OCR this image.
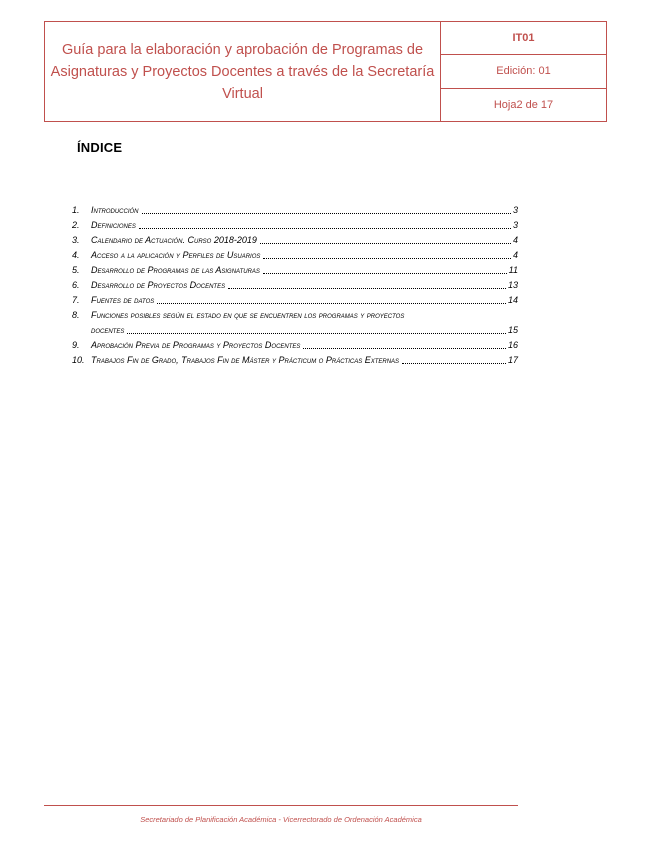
Guía para la elaboración y aprobación de Programas de Asignaturas y Proyectos Docentes a través de la Secretaría Virtual
IT01
Edición: 01
Hoja2 de 17
ÍNDICE
1.	Introducción	3
2.	Definiciones	3
3.	Calendario de Actuación. Curso 2018-2019	4
4.	Acceso a la aplicación y Perfiles de Usuarios	4
5.	Desarrollo de Programas de las Asignaturas	11
6.	Desarrollo de Proyectos Docentes	13
7.	Fuentes de datos	14
8.	Funciones posibles según el estado en que se encuentren los programas y proyectos
docentes	15
9.	Aprobación Previa de Programas y Proyectos Docentes	16
10. Trabajos Fin de Grado, Trabajos Fin de Máster y Prácticum o Prácticas Externas	17
Secretariado de Planificación Académica - Vicerrectorado de Ordenación Académica
